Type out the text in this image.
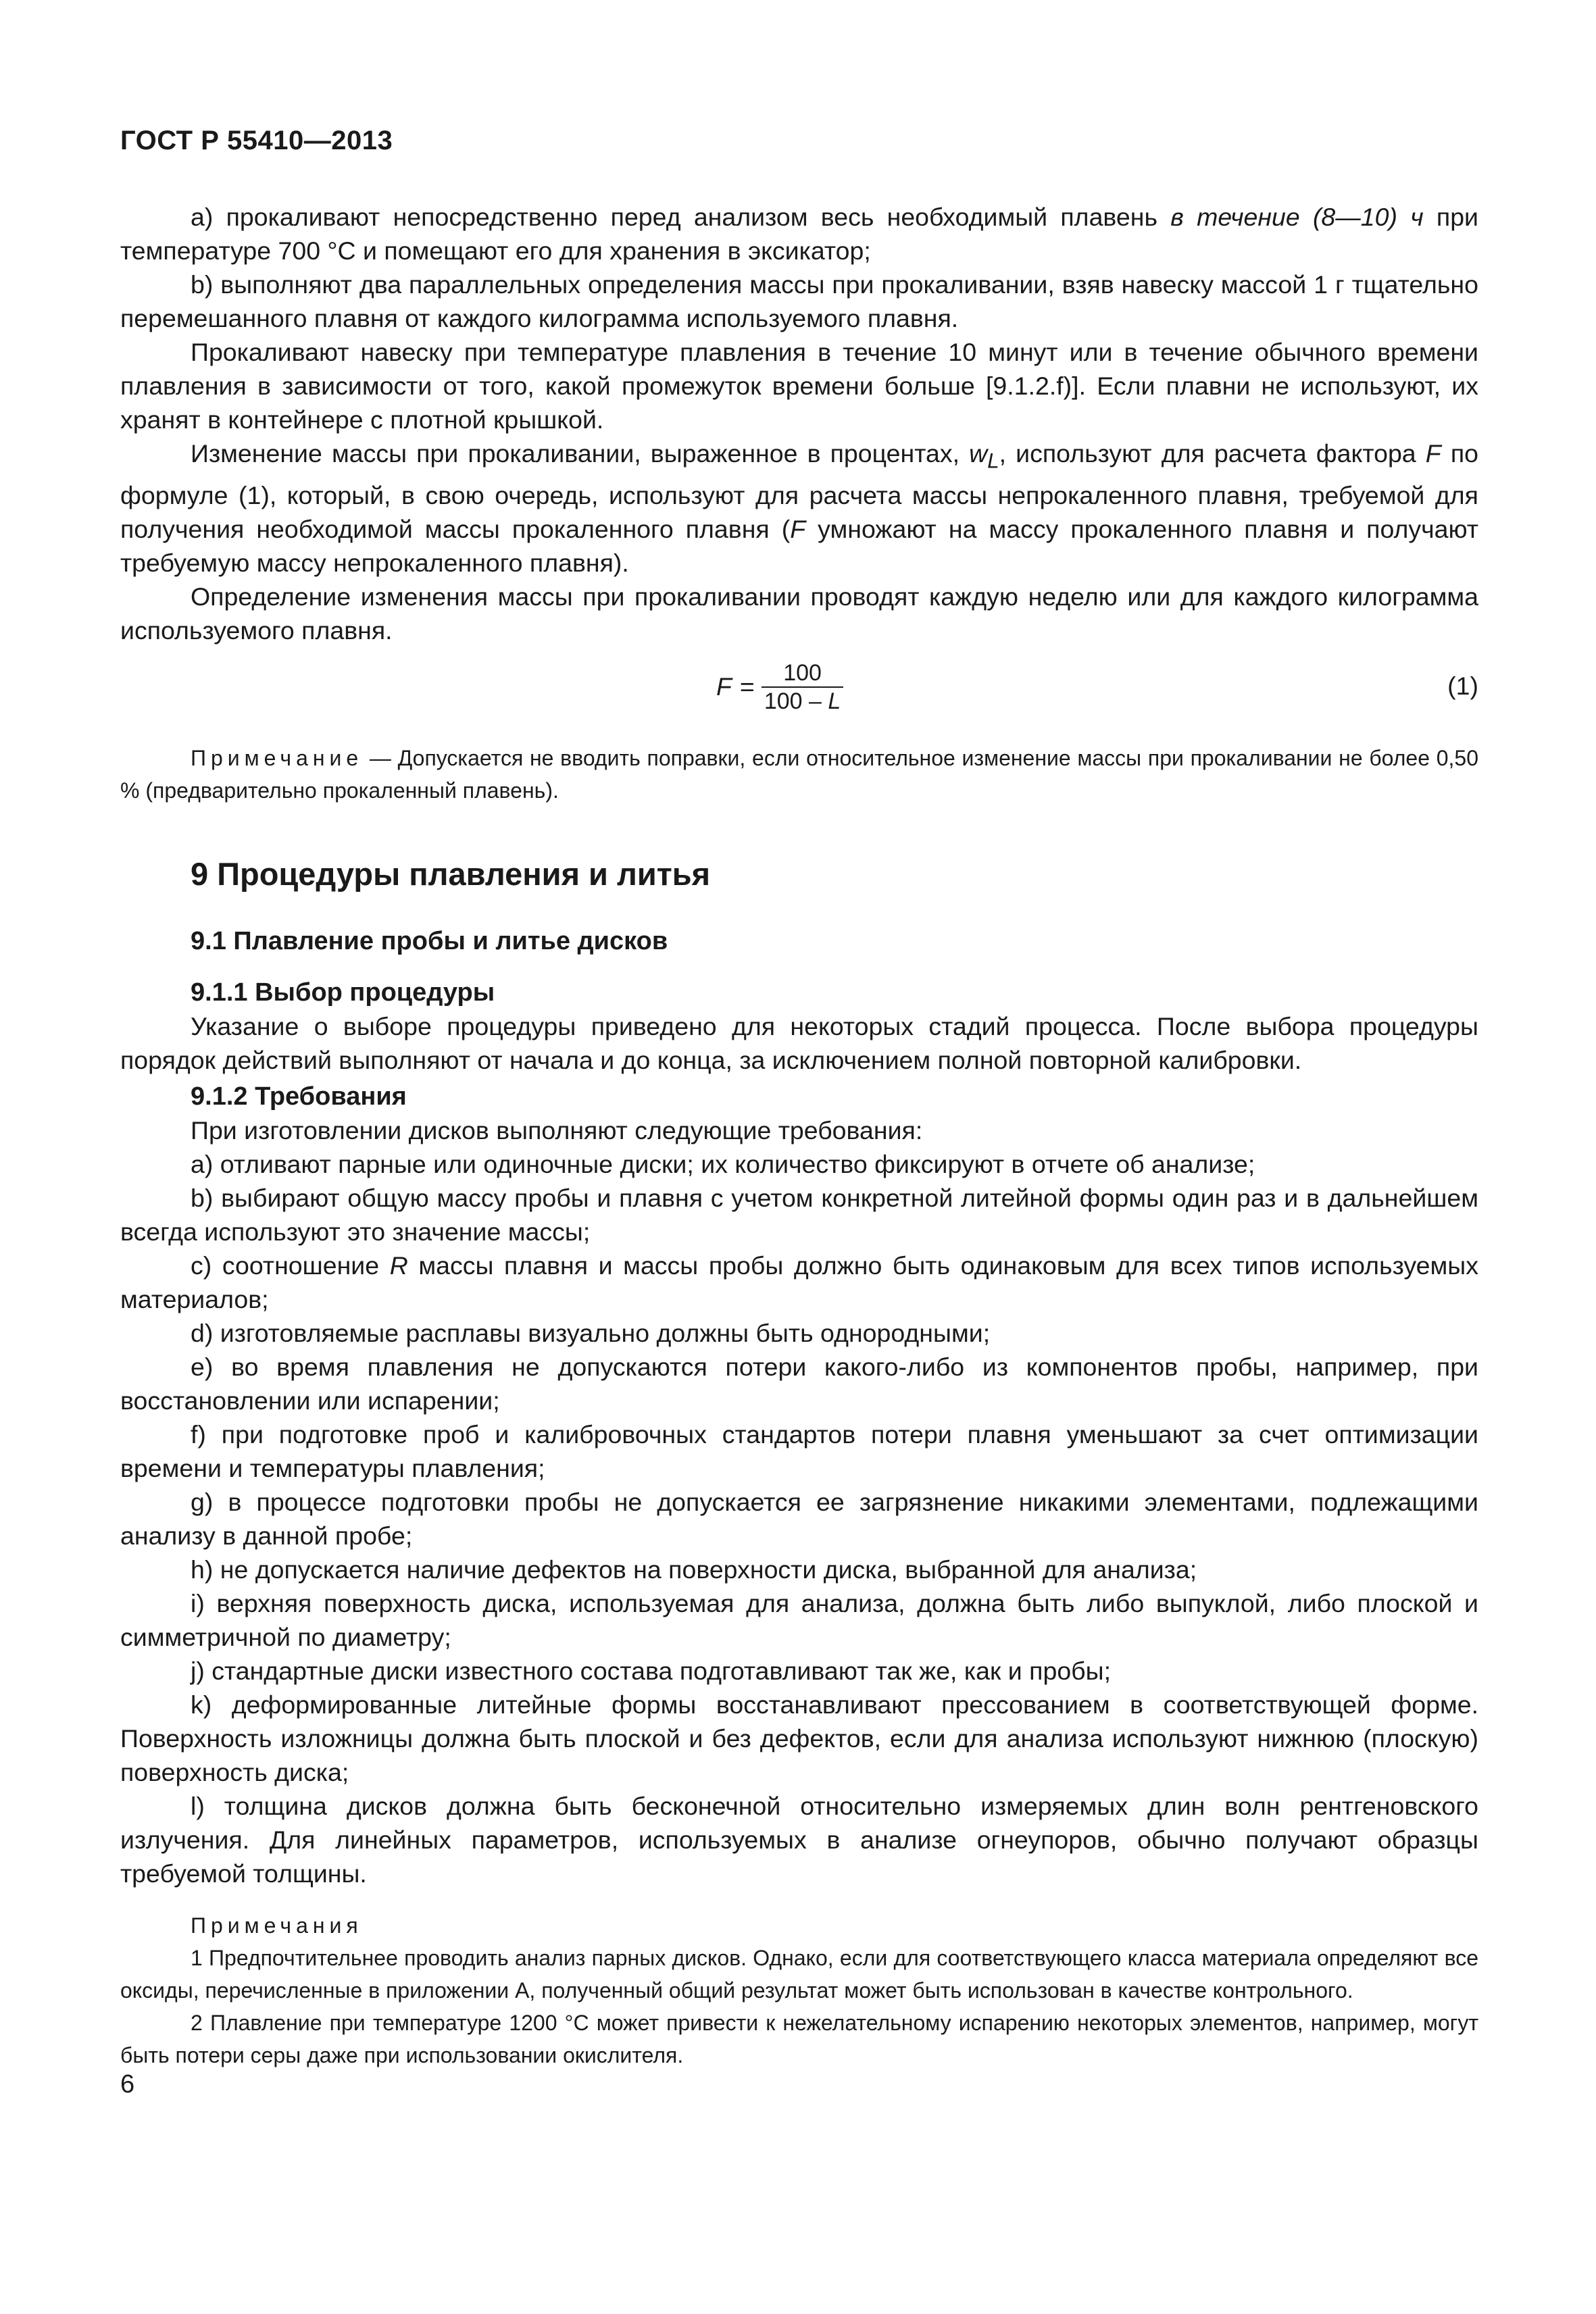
ГОСТ Р 55410—2013

a) прокаливают непосредственно перед анализом весь необходимый плавень в течение (8—10) ч при температуре 700 °С и помещают его для хранения в эксикатор;

b) выполняют два параллельных определения массы при прокаливании, взяв навеску массой 1 г тщательно перемешанного плавня от каждого килограмма используемого плавня.

Прокаливают навеску при температуре плавления в течение 10 минут или в течение обычного времени плавления в зависимости от того, какой промежуток времени больше [9.1.2.f)]. Если плавни не используют, их хранят в контейнере с плотной крышкой.

Изменение массы при прокаливании, выраженное в процентах, $w_L$, используют для расчета фактора F по формуле (1), который, в свою очередь, используют для расчета массы непрокаленного плавня, требуемой для получения необходимой массы прокаленного плавня (F умножают на массу прокаленного плавня и получают требуемую массу непрокаленного плавня).

Определение изменения массы при прокаливании проводят каждую неделю или для каждого килограмма используемого плавня.

$F = \frac{100}{100 - L}$	(1)

Примечание — Допускается не вводить поправки, если относительное изменение массы при прокаливании не более 0,50 % (предварительно прокаленный плавень).

9 Процедуры плавления и литья
9.1 Плавление пробы и литье дисков
9.1.1 Выбор процедуры

Указание о выборе процедуры приведено для некоторых стадий процесса. После выбора процедуры порядок действий выполняют от начала и до конца, за исключением полной повторной калибровки.

9.1.2 Требования

При изготовлении дисков выполняют следующие требования:

a) отливают парные или одиночные диски; их количество фиксируют в отчете об анализе;

b) выбирают общую массу пробы и плавня с учетом конкретной литейной формы один раз и в дальнейшем всегда используют это значение массы;

c) соотношение R массы плавня и массы пробы должно быть одинаковым для всех типов используемых материалов;

d) изготовляемые расплавы визуально должны быть однородными;

e) во время плавления не допускаются потери какого-либо из компонентов пробы, например, при восстановлении или испарении;

f) при подготовке проб и калибровочных стандартов потери плавня уменьшают за счет оптимизации времени и температуры плавления;

g) в процессе подготовки пробы не допускается ее загрязнение никакими элементами, подлежащими анализу в данной пробе;

h) не допускается наличие дефектов на поверхности диска, выбранной для анализа;

i) верхняя поверхность диска, используемая для анализа, должна быть либо выпуклой, либо плоской и симметричной по диаметру;

j) стандартные диски известного состава подготавливают так же, как и пробы;

k) деформированные литейные формы восстанавливают прессованием в соответствующей форме. Поверхность изложницы должна быть плоской и без дефектов, если для анализа используют нижнюю (плоскую) поверхность диска;

l) толщина дисков должна быть бесконечной относительно измеряемых длин волн рентгеновского излучения. Для линейных параметров, используемых в анализе огнеупоров, обычно получают образцы требуемой толщины.

Примечания

1 Предпочтительнее проводить анализ парных дисков. Однако, если для соответствующего класса материала определяют все оксиды, перечисленные в приложении А, полученный общий результат может быть использован в качестве контрольного.

2 Плавление при температуре 1200 °С может привести к нежелательному испарению некоторых элементов, например, могут быть потери серы даже при использовании окислителя.

6
